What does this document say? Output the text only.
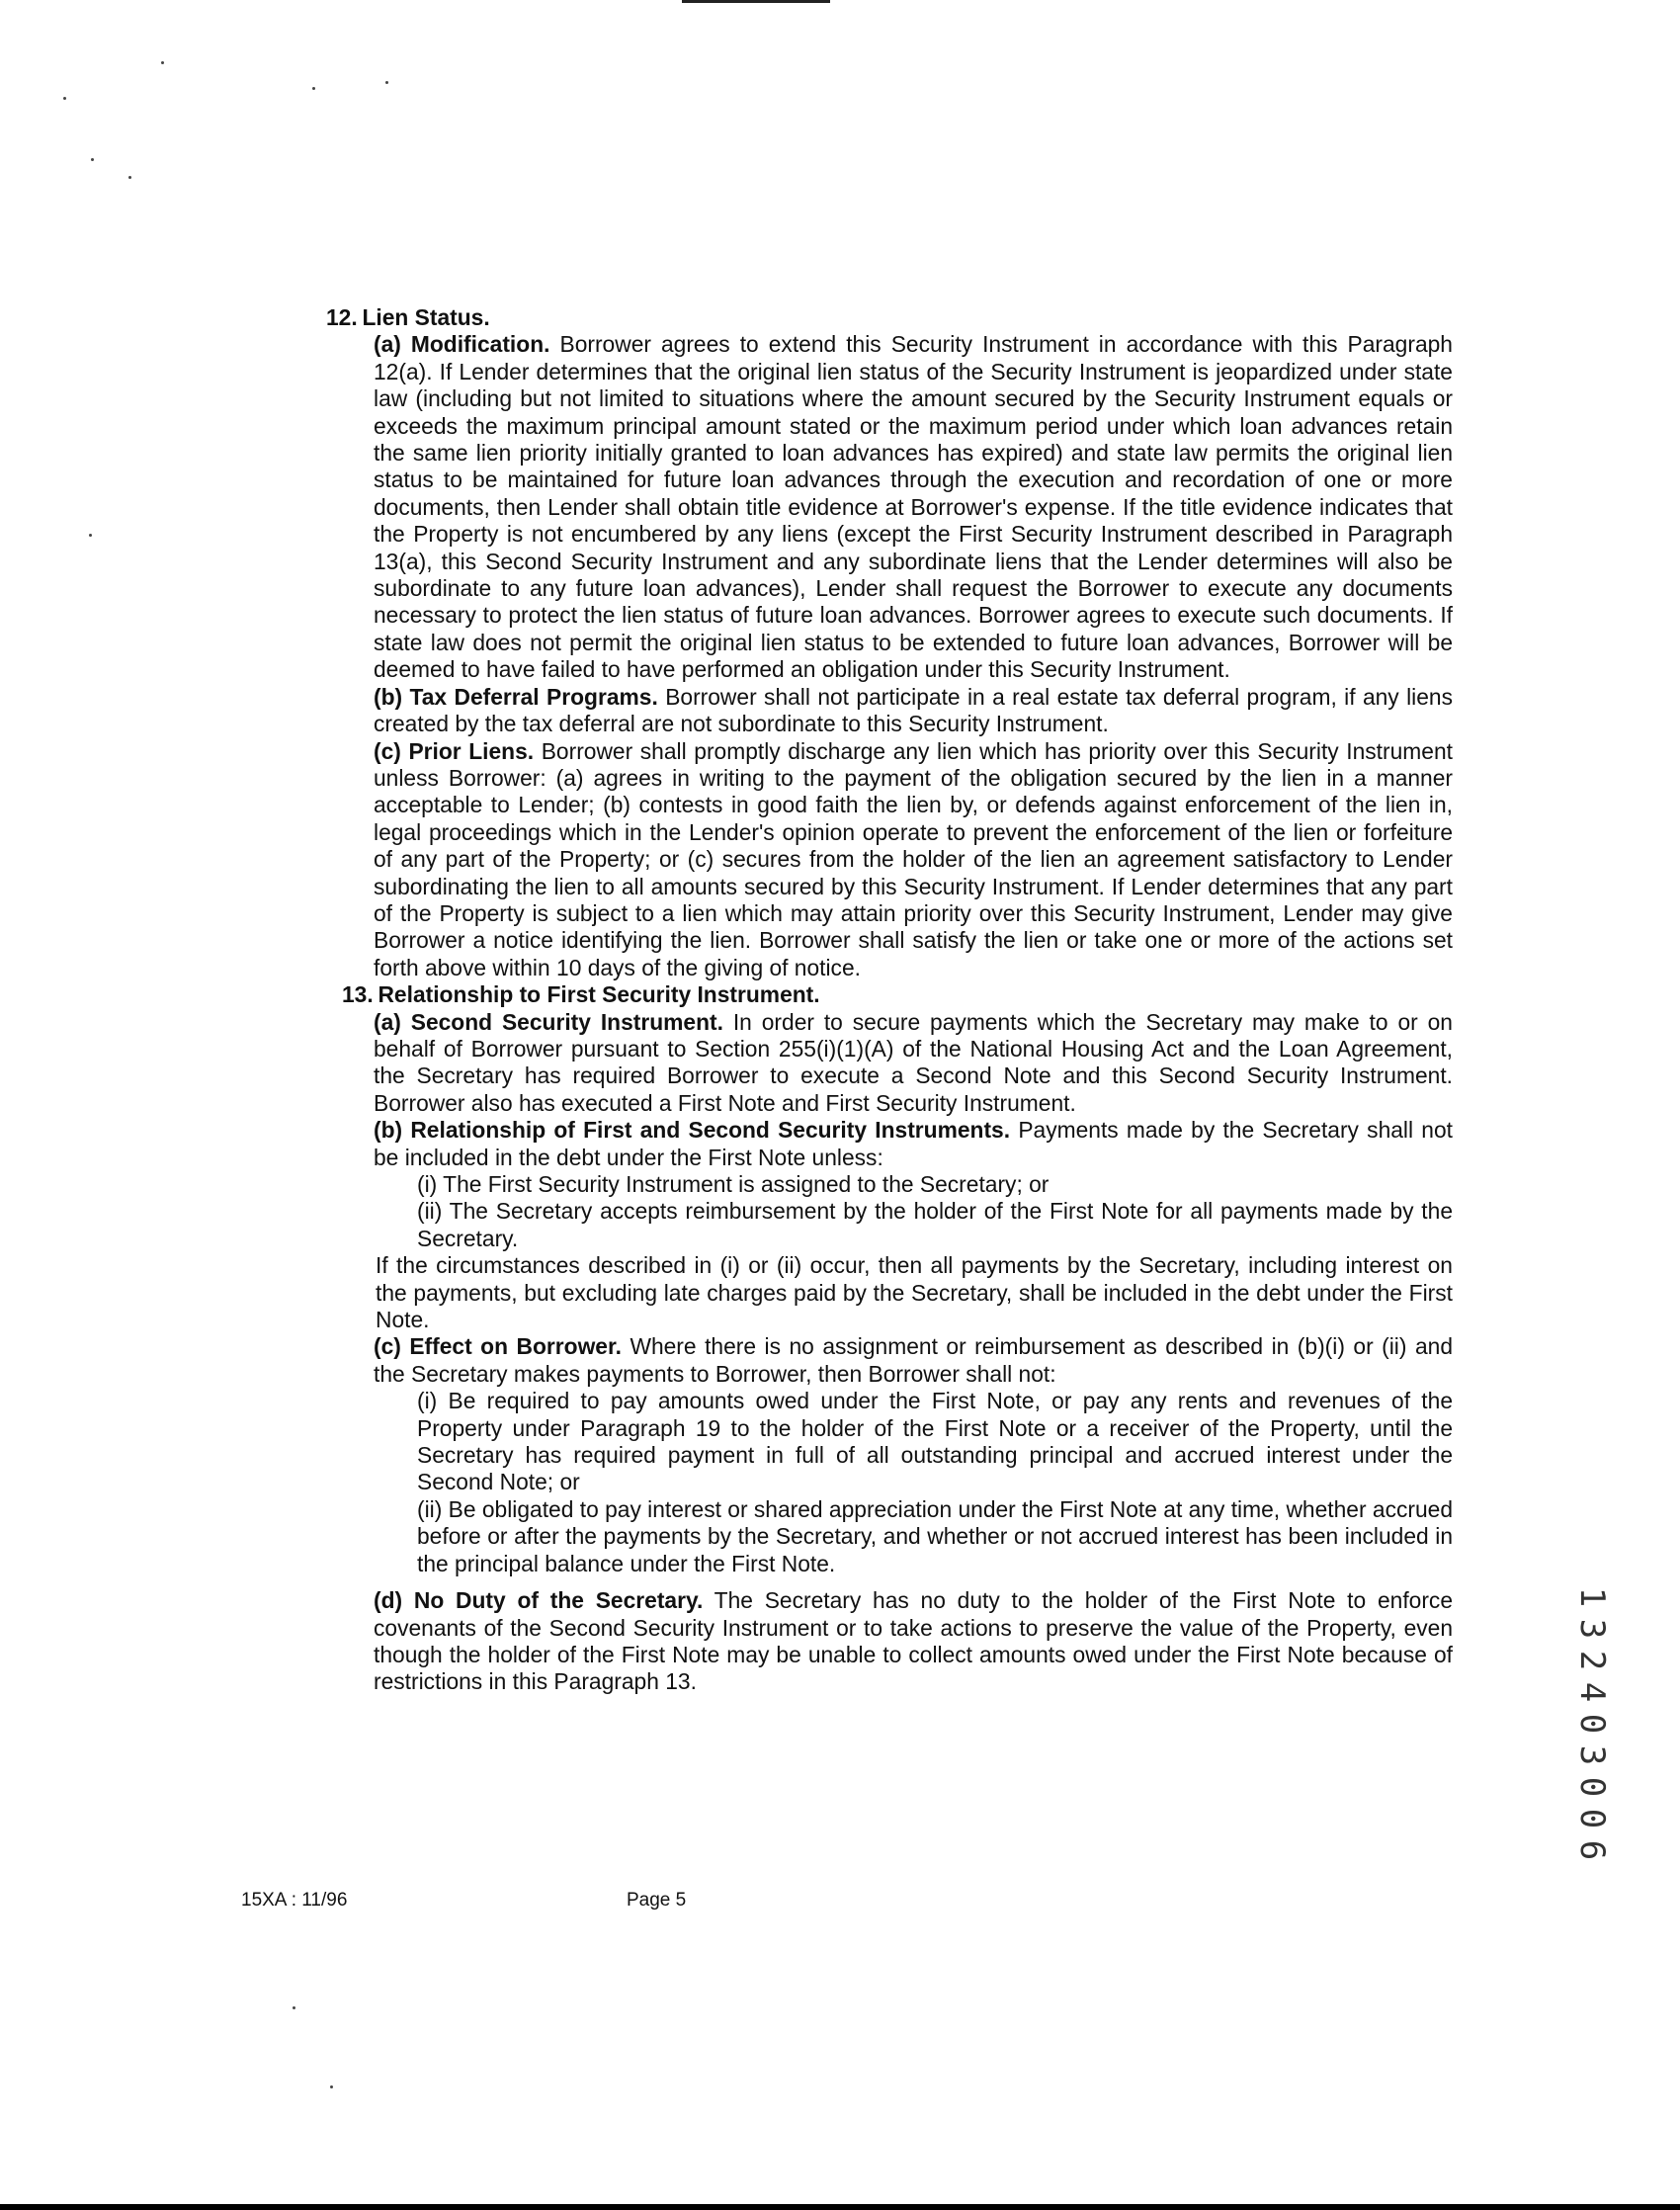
12. Lien Status.
(a) Modification. Borrower agrees to extend this Security Instrument in accordance with this Paragraph 12(a). If Lender determines that the original lien status of the Security Instrument is jeopardized under state law (including but not limited to situations where the amount secured by the Security Instrument equals or exceeds the maximum principal amount stated or the maximum period under which loan advances retain the same lien priority initially granted to loan advances has expired) and state law permits the original lien status to be maintained for future loan advances through the execution and recordation of one or more documents, then Lender shall obtain title evidence at Borrower's expense. If the title evidence indicates that the Property is not encumbered by any liens (except the First Security Instrument described in Paragraph 13(a), this Second Security Instrument and any subordinate liens that the Lender determines will also be subordinate to any future loan advances), Lender shall request the Borrower to execute any documents necessary to protect the lien status of future loan advances. Borrower agrees to execute such documents. If state law does not permit the original lien status to be extended to future loan advances, Borrower will be deemed to have failed to have performed an obligation under this Security Instrument.
(b) Tax Deferral Programs. Borrower shall not participate in a real estate tax deferral program, if any liens created by the tax deferral are not subordinate to this Security Instrument.
(c) Prior Liens. Borrower shall promptly discharge any lien which has priority over this Security Instrument unless Borrower: (a) agrees in writing to the payment of the obligation secured by the lien in a manner acceptable to Lender; (b) contests in good faith the lien by, or defends against enforcement of the lien in, legal proceedings which in the Lender's opinion operate to prevent the enforcement of the lien or forfeiture of any part of the Property; or (c) secures from the holder of the lien an agreement satisfactory to Lender subordinating the lien to all amounts secured by this Security Instrument. If Lender determines that any part of the Property is subject to a lien which may attain priority over this Security Instrument, Lender may give Borrower a notice identifying the lien. Borrower shall satisfy the lien or take one or more of the actions set forth above within 10 days of the giving of notice.
13. Relationship to First Security Instrument.
(a) Second Security Instrument. In order to secure payments which the Secretary may make to or on behalf of Borrower pursuant to Section 255(i)(1)(A) of the National Housing Act and the Loan Agreement, the Secretary has required Borrower to execute a Second Note and this Second Security Instrument. Borrower also has executed a First Note and First Security Instrument.
(b) Relationship of First and Second Security Instruments. Payments made by the Secretary shall not be included in the debt under the First Note unless:
(i) The First Security Instrument is assigned to the Secretary; or
(ii) The Secretary accepts reimbursement by the holder of the First Note for all payments made by the Secretary.
If the circumstances described in (i) or (ii) occur, then all payments by the Secretary, including interest on the payments, but excluding late charges paid by the Secretary, shall be included in the debt under the First Note.
(c) Effect on Borrower. Where there is no assignment or reimbursement as described in (b)(i) or (ii) and the Secretary makes payments to Borrower, then Borrower shall not:
(i) Be required to pay amounts owed under the First Note, or pay any rents and revenues of the Property under Paragraph 19 to the holder of the First Note or a receiver of the Property, until the Secretary has required payment in full of all outstanding principal and accrued interest under the Second Note; or
(ii) Be obligated to pay interest or shared appreciation under the First Note at any time, whether accrued before or after the payments by the Secretary, and whether or not accrued interest has been included in the principal balance under the First Note.
(d) No Duty of the Secretary. The Secretary has no duty to the holder of the First Note to enforce covenants of the Second Security Instrument or to take actions to preserve the value of the Property, even though the holder of the First Note may be unable to collect amounts owed under the First Note because of restrictions in this Paragraph 13.
15XA : 11/96	Page 5
1
3
2
4
0
3
0
0
6
